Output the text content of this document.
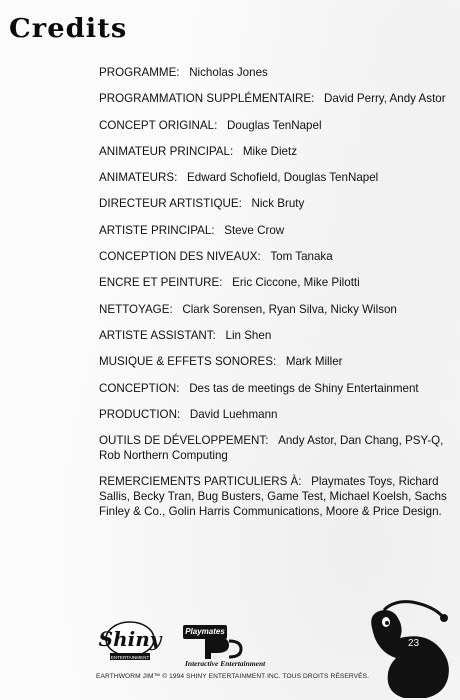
Credits
PROGRAMME : Nicholas Jones
PROGRAMMATION SUPPLÉMENTAIRE : David Perry, Andy Astor
CONCEPT ORIGINAL : Douglas TenNapel
ANIMATEUR PRINCIPAL : Mike Dietz
ANIMATEURS : Edward Schofield, Douglas TenNapel
DIRECTEUR ARTISTIQUE : Nick Bruty
ARTISTE PRINCIPAL : Steve Crow
CONCEPTION DES NIVEAUX : Tom Tanaka
ENCRE ET PEINTURE : Eric Ciccone, Mike Pilotti
NETTOYAGE : Clark Sorensen, Ryan Silva, Nicky Wilson
ARTISTE ASSISTANT : Lin Shen
MUSIQUE & EFFETS SONORES : Mark Miller
CONCEPTION : Des tas de meetings de Shiny Entertainment
PRODUCTION : David Luehmann
OUTILS DE DÉVELOPPEMENT : Andy Astor, Dan Chang, PSY-Q, Rob Northern Computing
REMERCIEMENTS PARTICULIERS À : Playmates Toys, Richard Sallis, Becky Tran, Bug Busters, Game Test, Michael Koelsh, Sachs Finley & Co., Golin Harris Communications, Moore & Price Design.
Shiny
ENTERTAINMENT
Playmates
Interactive Entertainment
EARTHWORM JIM™ © 1994 SHINY ENTERTAINMENT INC. TOUS DROITS RÉSERVÉS.
23
